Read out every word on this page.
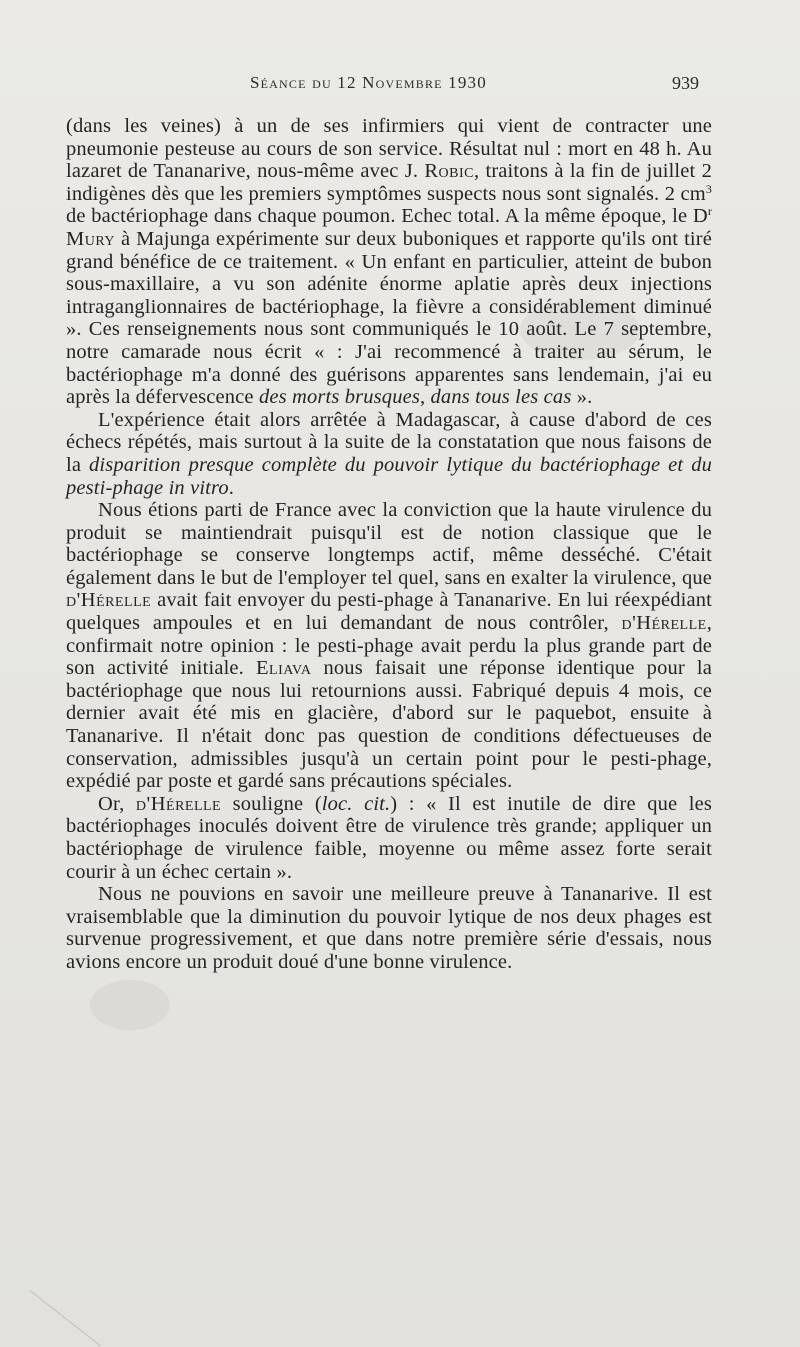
Séance du 12 Novembre 1930	939

(dans les veines) à un de ses infirmiers qui vient de contracter une pneumonie pesteuse au cours de son service. Résultat nul : mort en 48 h. Au lazaret de Tananarive, nous-même avec J. Robic, traitons à la fin de juillet 2 indigènes dès que les premiers symptômes suspects nous sont signalés. 2 $cm^3$ de bactériophage dans chaque poumon. Echec total. A la même époque, le $D^r$ Mury à Majunga expérimente sur deux buboniques et rapporte qu'ils ont tiré grand bénéfice de ce traitement. « Un enfant en particulier, atteint de bubon sous-maxillaire, a vu son adénite énorme aplatie après deux injections intraganglionnaires de bactériophage, la fièvre a considérablement diminué ». Ces renseignements nous sont communiqués le 10 août. Le 7 septembre, notre camarade nous écrit « : J'ai recommencé à traiter au sérum, le bactériophage m'a donné des guérisons apparentes sans lendemain, j'ai eu après la défervescence des morts brusques, dans tous les cas ».

L'expérience était alors arrêtée à Madagascar, à cause d'abord de ces échecs répétés, mais surtout à la suite de la constatation que nous faisons de la disparition presque complète du pouvoir lytique du bactériophage et du pesti-phage in vitro.

Nous étions parti de France avec la conviction que la haute virulence du produit se maintiendrait puisqu'il est de notion classique que le bactériophage se conserve longtemps actif, même desséché. C'était également dans le but de l'employer tel quel, sans en exalter la virulence, que d'Hérelle avait fait envoyer du pesti-phage à Tananarive. En lui réexpédiant quelques ampoules et en lui demandant de nous contrôler, d'Hérelle, confirmait notre opinion : le pesti-phage avait perdu la plus grande part de son activité initiale. Eliava nous faisait une réponse identique pour la bactériophage que nous lui retournions aussi. Fabriqué depuis 4 mois, ce dernier avait été mis en glacière, d'abord sur le paquebot, ensuite à Tananarive. Il n'était donc pas question de conditions défectueuses de conservation, admissibles jusqu'à un certain point pour le pesti-phage, expédié par poste et gardé sans précautions spéciales.

Or, d'Hérelle souligne (loc. cit.) : « Il est inutile de dire que les bactériophages inoculés doivent être de virulence très grande; appliquer un bactériophage de virulence faible, moyenne ou même assez forte serait courir à un échec certain ».

Nous ne pouvions en savoir une meilleure preuve à Tananarive. Il est vraisemblable que la diminution du pouvoir lytique de nos deux phages est survenue progressivement, et que dans notre première série d'essais, nous avions encore un produit doué d'une bonne virulence.
